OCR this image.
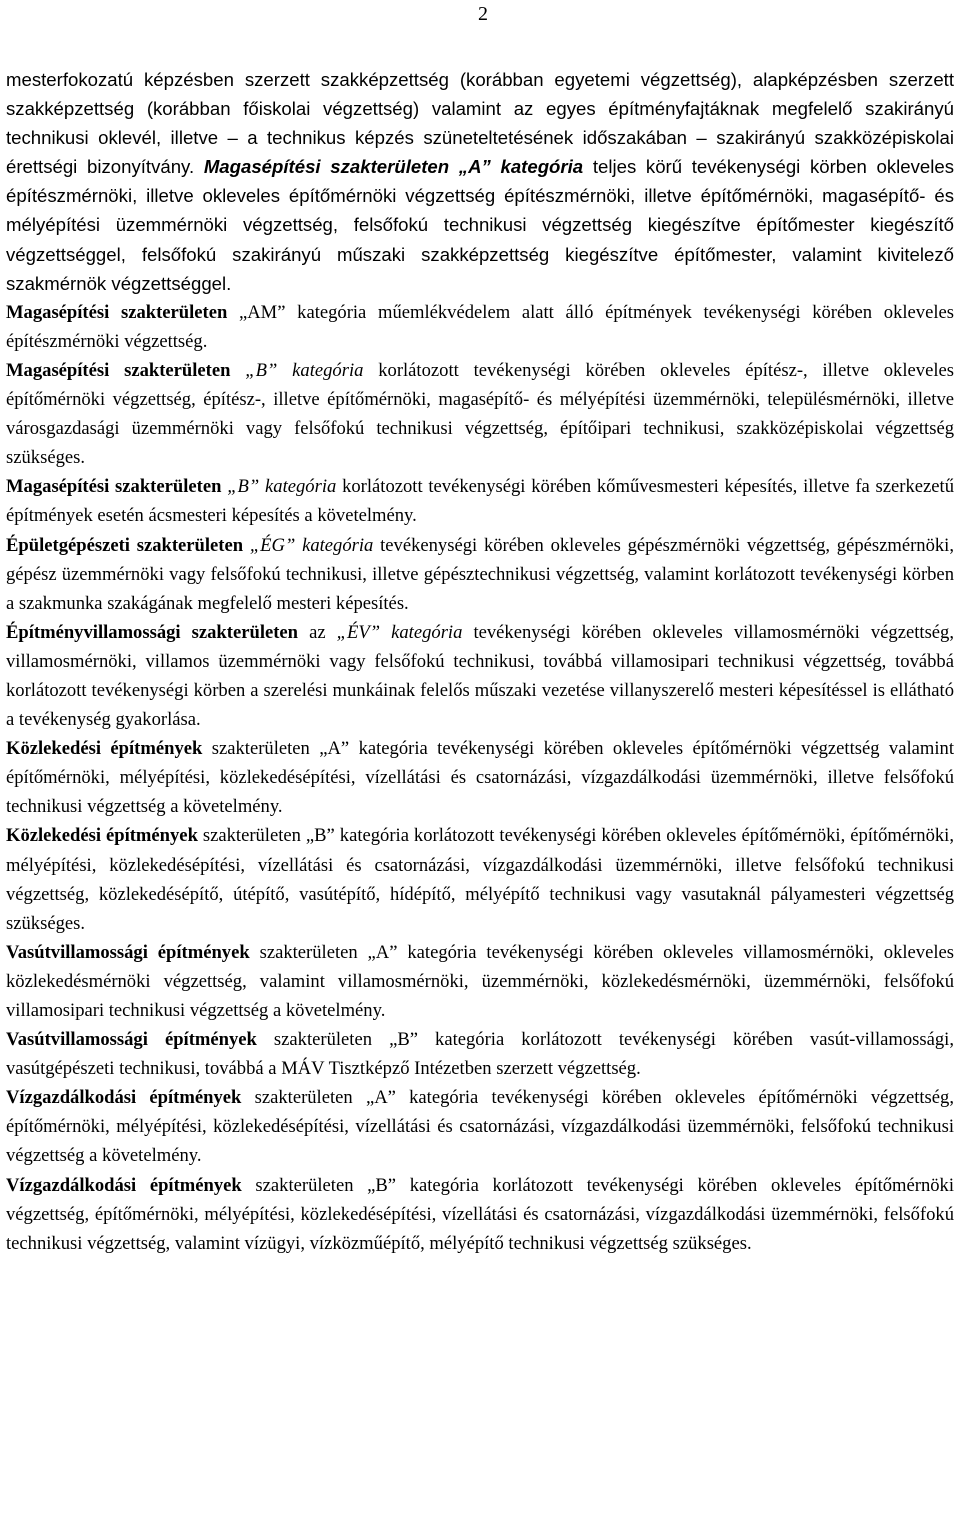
2

mesterfokozatú képzésben szerzett szakképzettség (korábban egyetemi végzettség), alapképzésben szerzett szakképzettség (korábban főiskolai végzettség) valamint az egyes építményfajtáknak megfelelő szakirányú technikusi oklevél, illetve – a technikus képzés szüneteltetésének időszakában – szakirányú szakközépiskolai érettségi bizonyítvány. Magasépítési szakterületen „A” kategória teljes körű tevékenységi körben okleveles építészmérnöki, illetve okleveles építőmérnöki végzettség építészmérnöki, illetve építőmérnöki, magasépítő- és mélyépítési üzemmérnöki végzettség, felsőfokú technikusi végzettség kiegészítve építőmester kiegészítő végzettséggel, felsőfokú szakirányú műszaki szakképzettség kiegészítve építőmester, valamint kivitelező szakmérnök végzettséggel.

Magasépítési szakterületen „AM” kategória műemlékvédelem alatt álló építmények tevékenységi körében okleveles építészmérnöki végzettség.

Magasépítési szakterületen „B” kategória korlátozott tevékenységi körében okleveles építész-, illetve okleveles építőmérnöki végzettség, építész-, illetve építőmérnöki, magasépítő- és mélyépítési üzemmérnöki, településmérnöki, illetve városgazdasági üzemmérnöki vagy felsőfokú technikusi végzettség, építőipari technikusi, szakközépiskolai végzettség szükséges.

Magasépítési szakterületen „B” kategória korlátozott tevékenységi körében kőművesmesteri képesítés, illetve fa szerkezetű építmények esetén ácsmesteri képesítés a követelmény.

Épületgépészeti szakterületen „ÉG” kategória tevékenységi körében okleveles gépészmérnöki végzettség, gépészmérnöki, gépész üzemmérnöki vagy felsőfokú technikusi, illetve gépésztechnikusi végzettség, valamint korlátozott tevékenységi körben a szakmunka szakágának megfelelő mesteri képesítés.

Építményvillamossági szakterületen az „ÉV” kategória tevékenységi körében okleveles villamosmérnöki végzettség, villamosmérnöki, villamos üzemmérnöki vagy felsőfokú technikusi, továbbá villamosipari technikusi végzettség, továbbá korlátozott tevékenységi körben a szerelési munkáinak felelős műszaki vezetése villanyszerelő mesteri képesítéssel is ellátható a tevékenység gyakorlása.

Közlekedési építmények szakterületen „A” kategória tevékenységi körében okleveles építőmérnöki végzettség valamint építőmérnöki, mélyépítési, közlekedésépítési, vízellátási és csatornázási, vízgazdálkodási üzemmérnöki, illetve felsőfokú technikusi végzettség a követelmény.

Közlekedési építmények szakterületen „B” kategória korlátozott tevékenységi körében okleveles építőmérnöki, építőmérnöki, mélyépítési, közlekedésépítési, vízellátási és csatornázási, vízgazdálkodási üzemmérnöki, illetve felsőfokú technikusi végzettség, közlekedésépítő, útépítő, vasútépítő, hídépítő, mélyépítő technikusi vagy vasutaknál pályamesteri végzettség szükséges.

Vasútvillamossági építmények szakterületen „A” kategória tevékenységi körében okleveles villamosmérnöki, okleveles közlekedésmérnöki végzettség, valamint villamosmérnöki, üzemmérnöki, közlekedésmérnöki, üzemmérnöki, felsőfokú villamosipari technikusi végzettség a követelmény.

Vasútvillamossági építmények szakterületen „B” kategória korlátozott tevékenységi körében vasút-villamossági, vasútgépészeti technikusi, továbbá a MÁV Tisztképző Intézetben szerzett végzettség.

Vízgazdálkodási építmények szakterületen „A” kategória tevékenységi körében okleveles építőmérnöki végzettség, építőmérnöki, mélyépítési, közlekedésépítési, vízellátási és csatornázási, vízgazdálkodási üzemmérnöki, felsőfokú technikusi végzettség a követelmény.

Vízgazdálkodási építmények szakterületen „B” kategória korlátozott tevékenységi körében okleveles építőmérnöki végzettség, építőmérnöki, mélyépítési, közlekedésépítési, vízellátási és csatornázási, vízgazdálkodási üzemmérnöki, felsőfokú technikusi végzettség, valamint vízügyi, vízközműépítő, mélyépítő technikusi végzettség szükséges.
